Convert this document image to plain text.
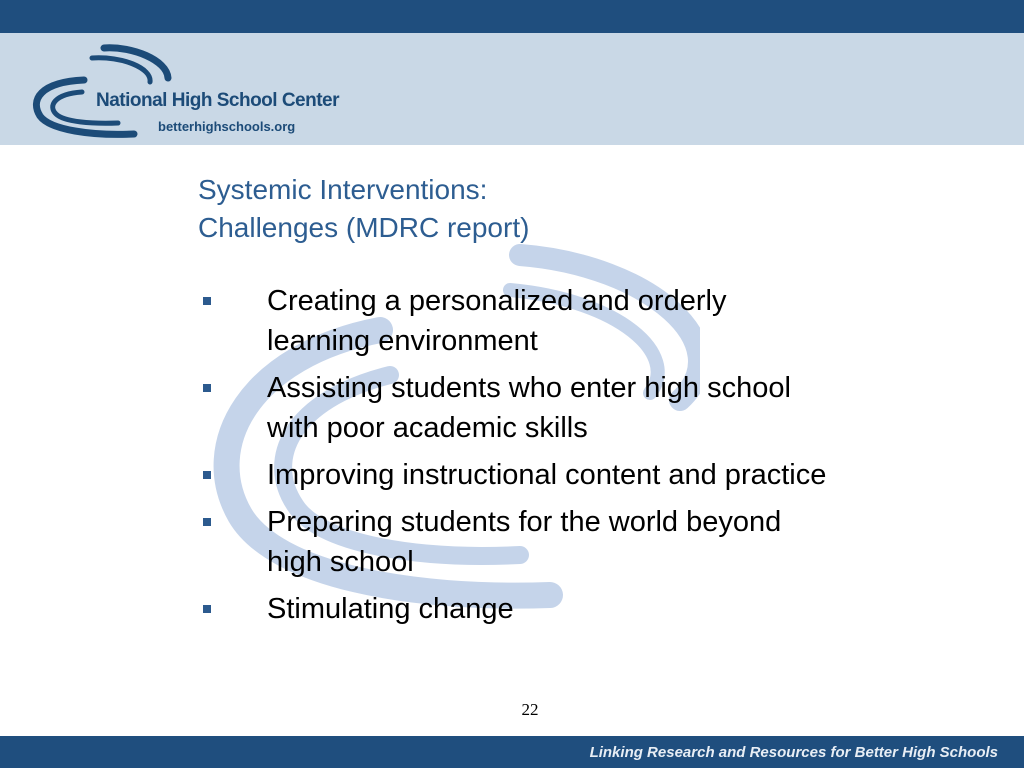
National High School Center
betterhighschools.org
Systemic Interventions:
Challenges (MDRC report)
Creating a personalized and orderly
learning environment
Assisting students who enter high school
with poor academic skills
Improving instructional content and practice
Preparing students for the world beyond
high school
Stimulating change
22
Linking Research and Resources for Better High Schools
